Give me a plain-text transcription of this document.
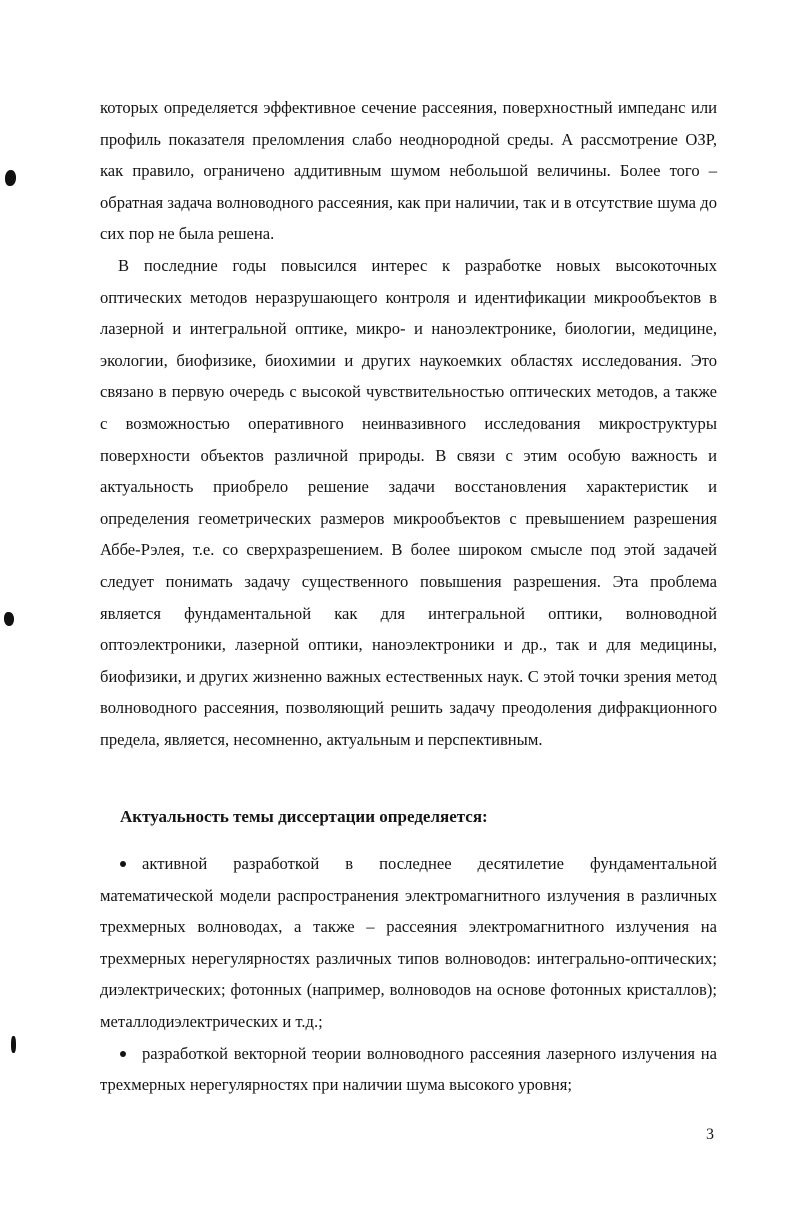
которых определяется эффективное сечение рассеяния, поверхностный импеданс или профиль показателя преломления слабо неоднородной среды. А рассмотрение ОЗР, как правило, ограничено аддитивным шумом небольшой величины. Более того – обратная задача волноводного рассеяния, как при наличии, так и в отсутствие шума до сих пор не была решена.

В последние годы повысился интерес к разработке новых высокоточных оптических методов неразрушающего контроля и идентификации микрообъектов в лазерной и интегральной оптике, микро- и наноэлектронике, биологии, медицине, экологии, биофизике, биохимии и других наукоемких областях исследования. Это связано в первую очередь с высокой чувствительностью оптических методов, а также с возможностью оперативного неинвазивного исследования микроструктуры поверхности объектов различной природы. В связи с этим особую важность и актуальность приобрело решение задачи восстановления характеристик и определения геометрических размеров микрообъектов с превышением разрешения Аббе-Рэлея, т.е. со сверхразрешением. В более широком смысле под этой задачей следует понимать задачу существенного повышения разрешения. Эта проблема является фундаментальной как для интегральной оптики, волноводной оптоэлектроники, лазерной оптики, наноэлектроники и др., так и для медицины, биофизики, и других жизненно важных естественных наук. С этой точки зрения метод волноводного рассеяния, позволяющий решить задачу преодоления дифракционного предела, является, несомненно, актуальным и перспективным.

Актуальность темы диссертации определяется:

активной разработкой в последнее десятилетие фундаментальной математической модели распространения электромагнитного излучения в различных трехмерных волноводах, а также – рассеяния электромагнитного излучения на трехмерных нерегулярностях различных типов волноводов: интегрально-оптических; диэлектрических; фотонных (например, волноводов на основе фотонных кристаллов); металлодиэлектрических и т.д.;

разработкой векторной теории волноводного рассеяния лазерного излучения на трехмерных нерегулярностях при наличии шума высокого уровня;

3
